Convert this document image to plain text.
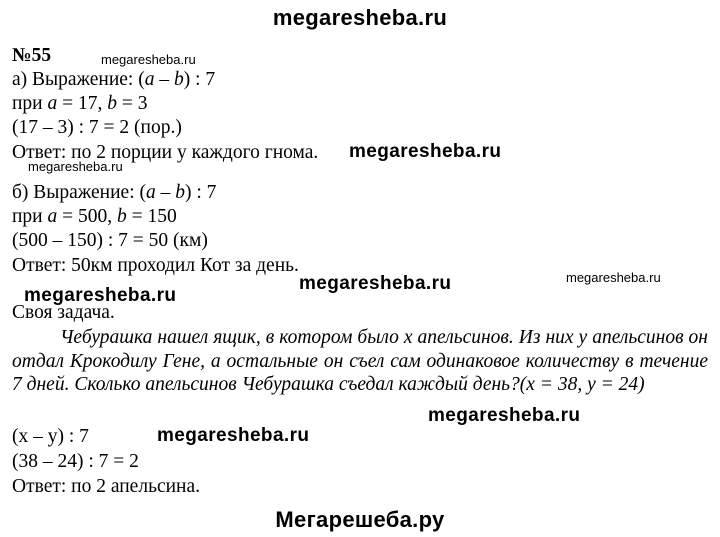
megaresheba.ru
№55
а) Выражение: (a – b) : 7
при a = 17, b = 3
(17 – 3) : 7 = 2 (пор.)
Ответ: по 2 порции у каждого гнома.
б) Выражение: (a – b) : 7
при a = 500, b = 150
(500 – 150) : 7 = 50 (км)
Ответ: 50км проходил Кот за день.
Своя задача.
Чебурашка нашел ящик, в котором было x апельсинов. Из них у апельсинов он отдал Крокодилу Гене, а остальные он съел сам одинаковое количеству в течение 7 дней. Сколько апельсинов Чебурашка съедал каждый день?(x = 38, y = 24)
(x – y) : 7
(38 – 24) : 7 = 2
Ответ: по 2 апельсина.
megaresheba.ru
megaresheba.ru
megaresheba.ru
megaresheba.ru
megaresheba.ru
megaresheba.ru
megaresheba.ru
megaresheba.ru
Мегарешеба.ру
